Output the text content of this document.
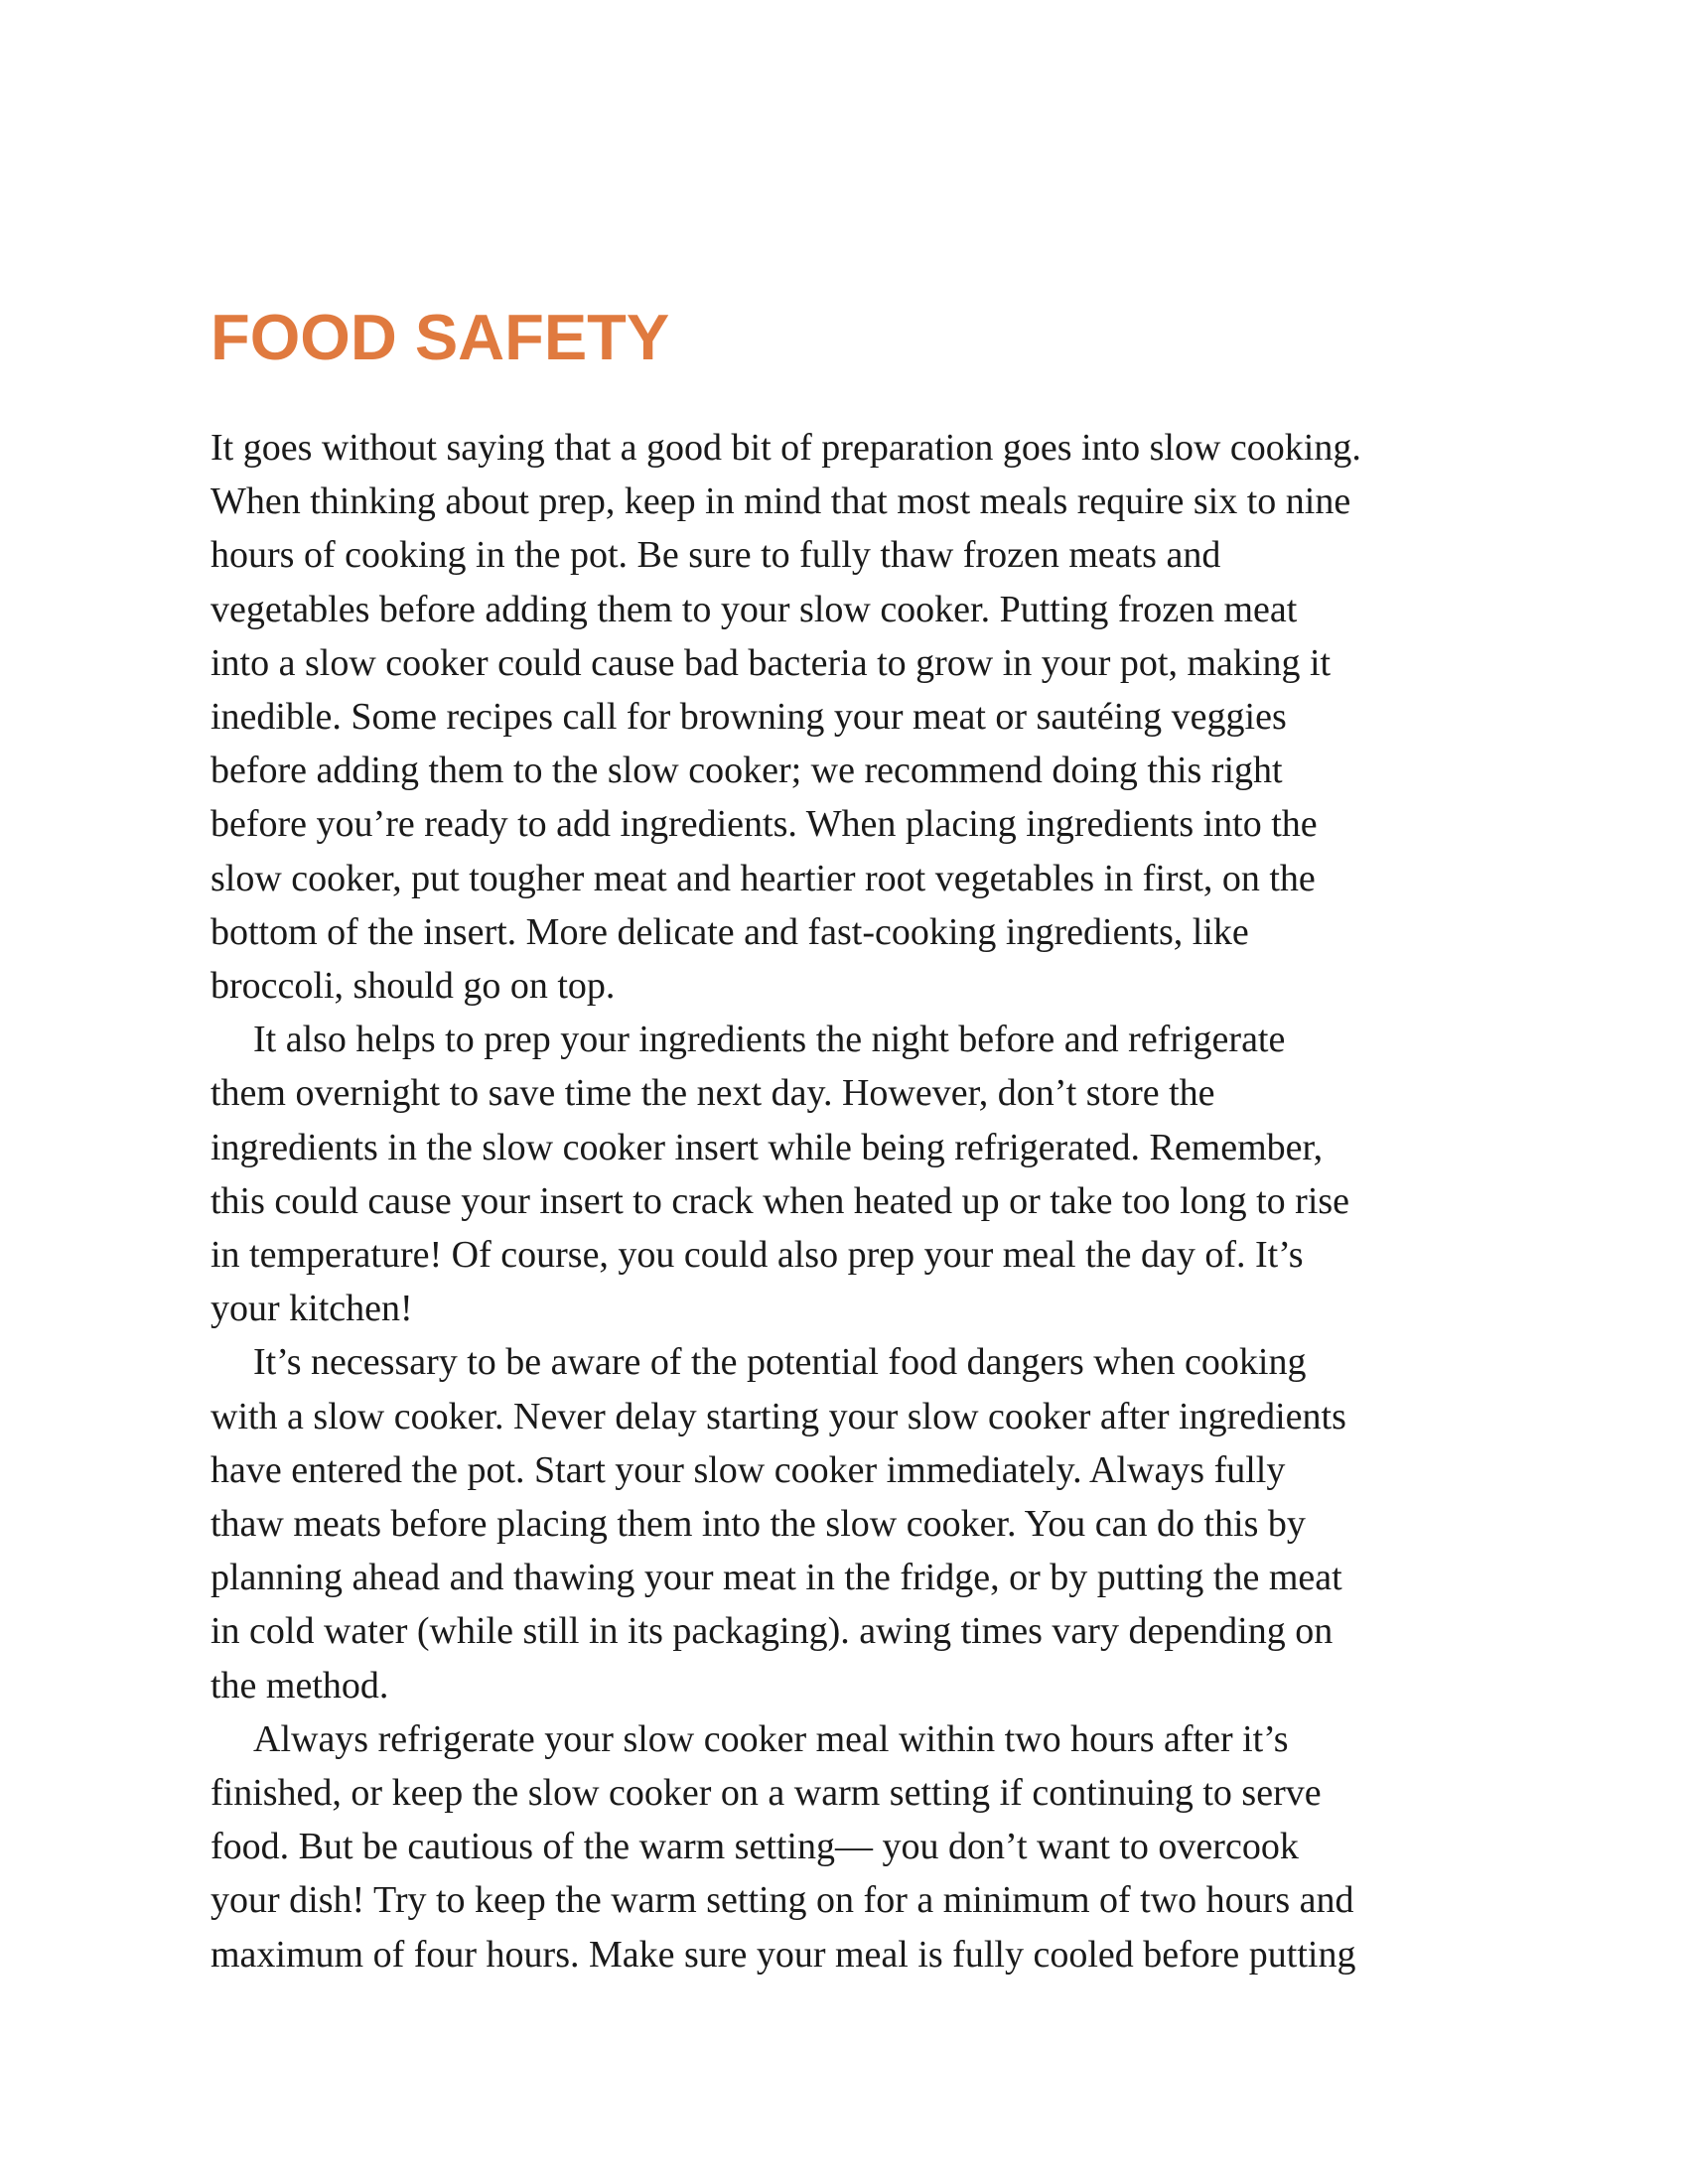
FOOD SAFETY
It goes without saying that a good bit of preparation goes into slow cooking.
When thinking about prep, keep in mind that most meals require six to nine
hours of cooking in the pot. Be sure to fully thaw frozen meats and
vegetables before adding them to your slow cooker. Putting frozen meat
into a slow cooker could cause bad bacteria to grow in your pot, making it
inedible. Some recipes call for browning your meat or sautéing veggies
before adding them to the slow cooker; we recommend doing this right
before you’re ready to add ingredients. When placing ingredients into the
slow cooker, put tougher meat and heartier root vegetables in first, on the
bottom of the insert. More delicate and fast-cooking ingredients, like
broccoli, should go on top.
It also helps to prep your ingredients the night before and refrigerate
them overnight to save time the next day. However, don’t store the
ingredients in the slow cooker insert while being refrigerated. Remember,
this could cause your insert to crack when heated up or take too long to rise
in temperature! Of course, you could also prep your meal the day of. It’s
your kitchen!
It’s necessary to be aware of the potential food dangers when cooking
with a slow cooker. Never delay starting your slow cooker after ingredients
have entered the pot. Start your slow cooker immediately. Always fully
thaw meats before placing them into the slow cooker. You can do this by
planning ahead and thawing your meat in the fridge, or by putting the meat
in cold water (while still in its packaging). awing times vary depending on
the method.
Always refrigerate your slow cooker meal within two hours after it’s
finished, or keep the slow cooker on a warm setting if continuing to serve
food. But be cautious of the warm setting— you don’t want to overcook
your dish! Try to keep the warm setting on for a minimum of two hours and
maximum of four hours. Make sure your meal is fully cooled before putting
